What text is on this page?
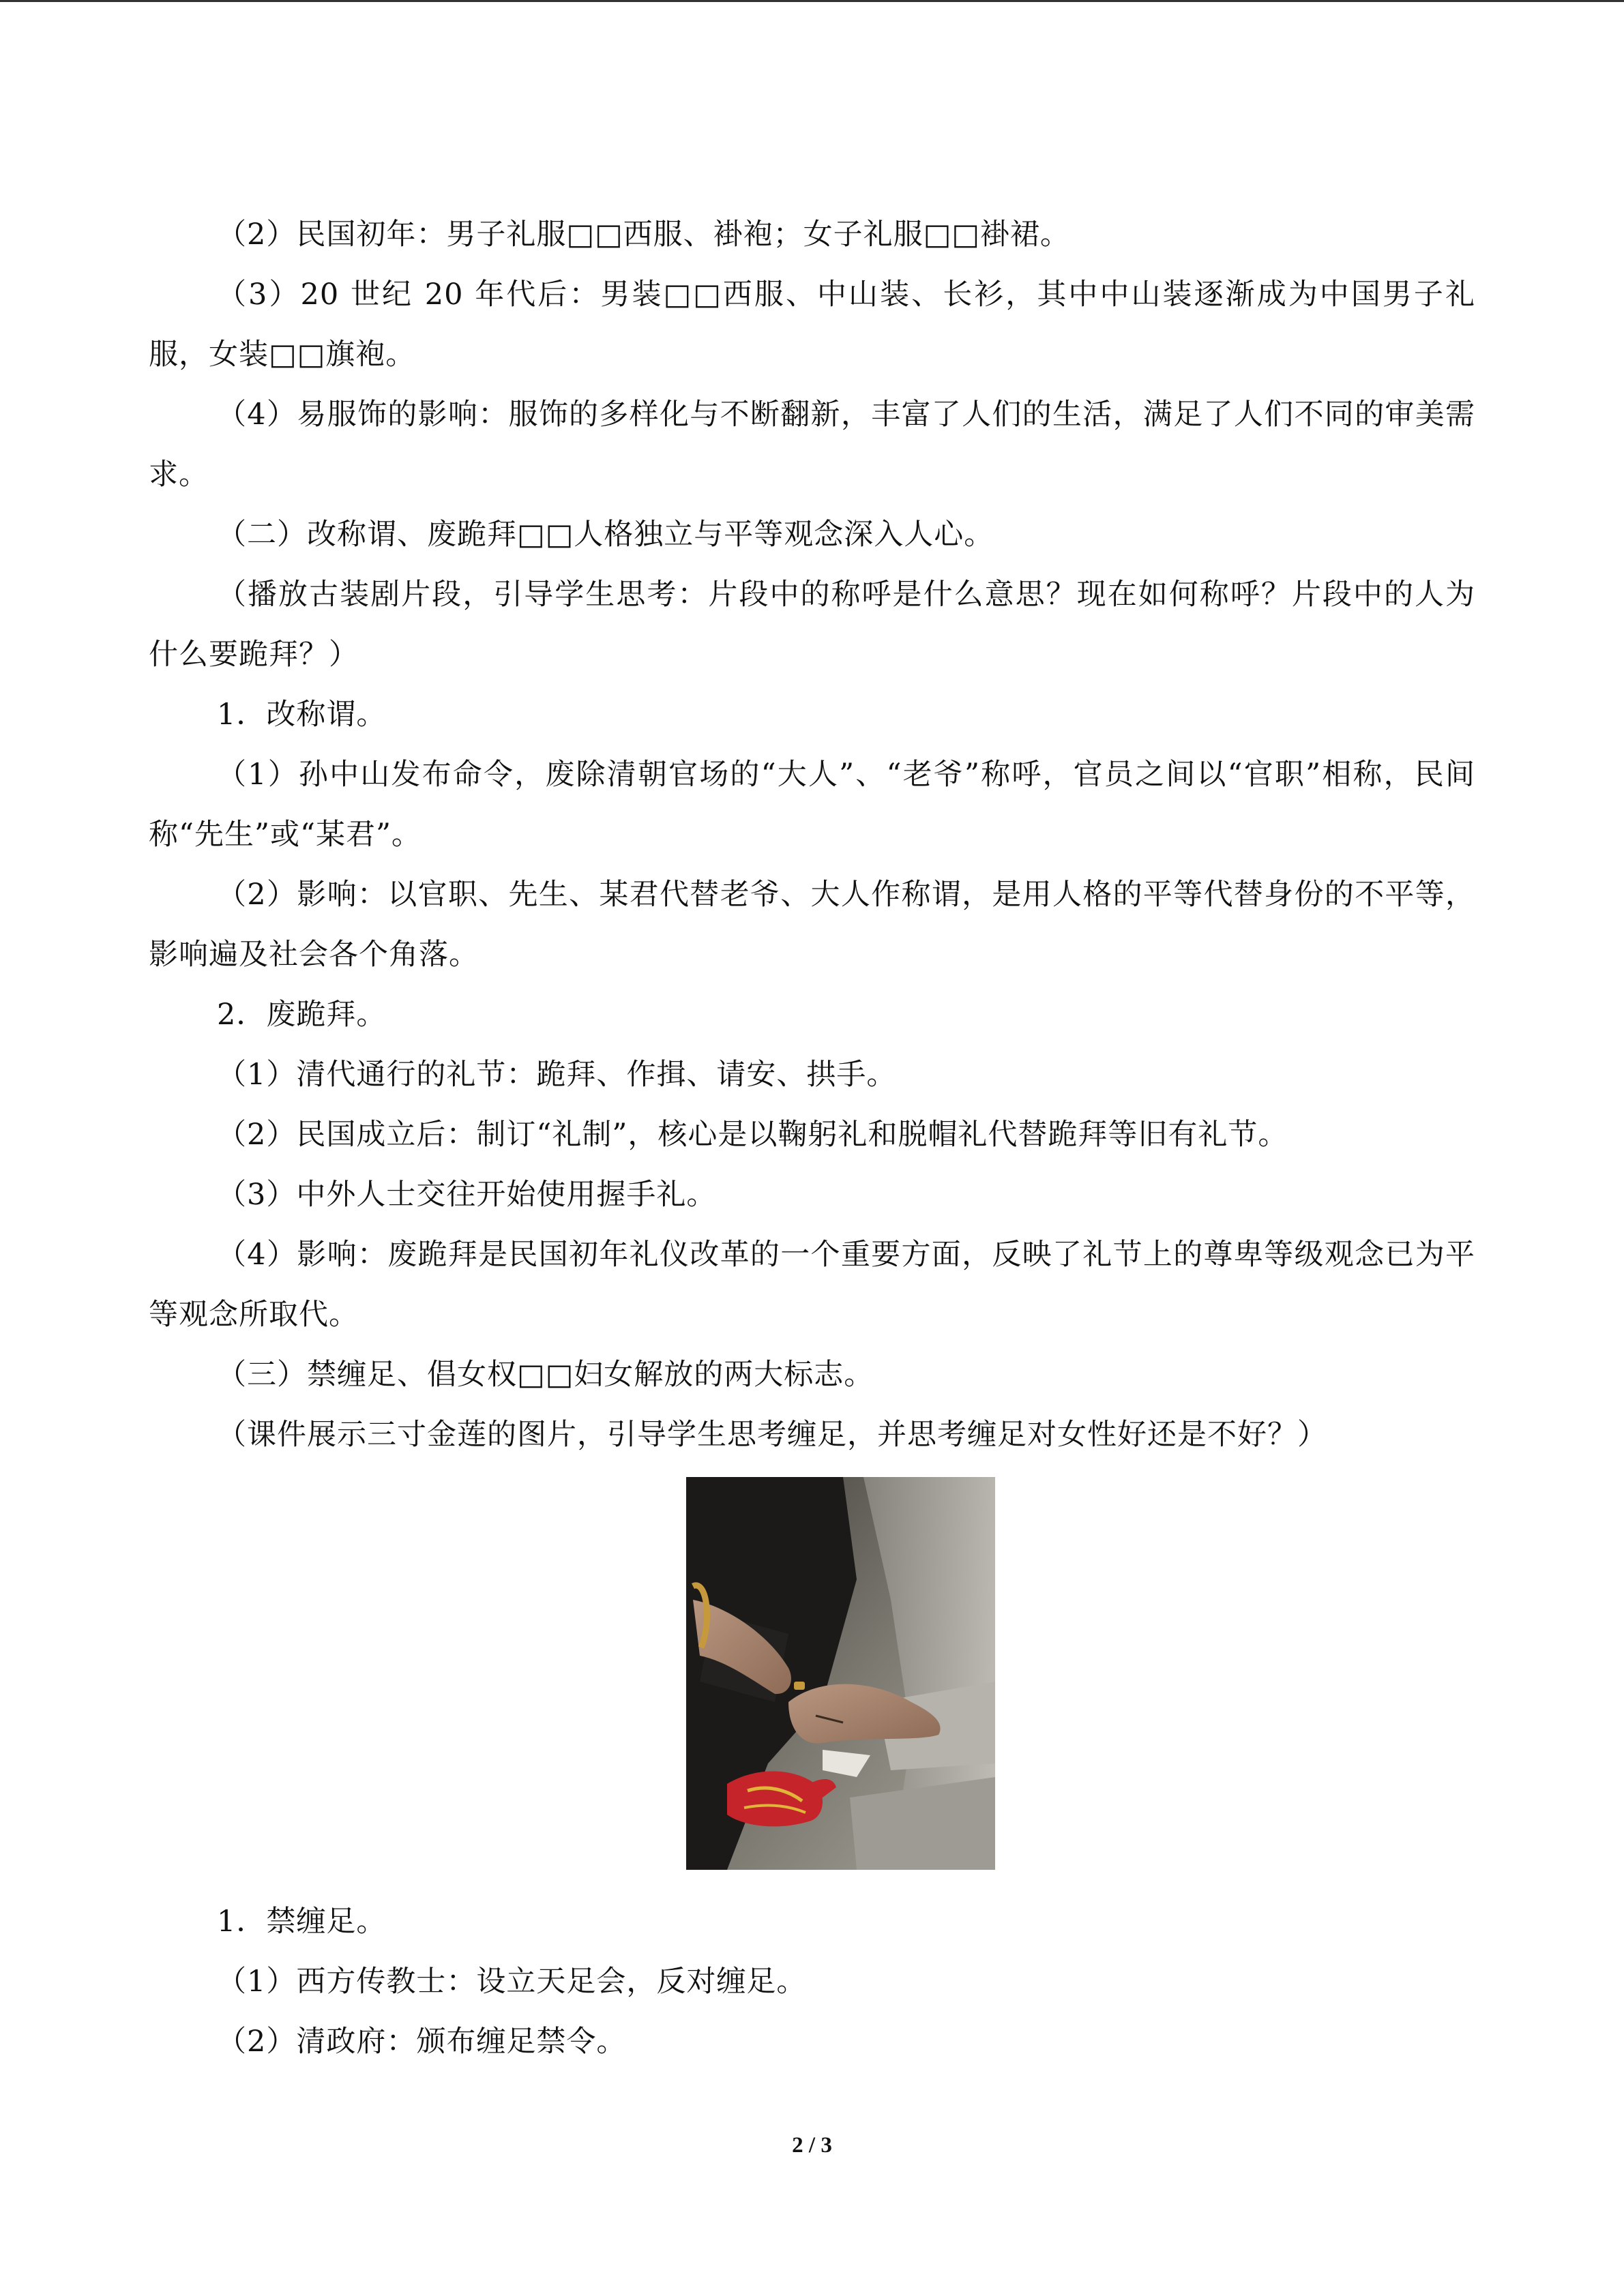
（2）民国初年：男子礼服□□西服、褂袍；女子礼服□□褂裙。

（3）20 世纪 20 年代后：男装□□西服、中山装、长衫，其中中山装逐渐成为中国男子礼服，女装□□旗袍。

（4）易服饰的影响：服饰的多样化与不断翻新，丰富了人们的生活，满足了人们不同的审美需求。

（二）改称谓、废跪拜□□人格独立与平等观念深入人心。

（播放古装剧片段，引导学生思考：片段中的称呼是什么意思？现在如何称呼？片段中的人为什么要跪拜？）

1．改称谓。

（1）孙中山发布命令，废除清朝官场的“大人”、“老爷”称呼，官员之间以“官职”相称，民间称“先生”或“某君”。

（2）影响：以官职、先生、某君代替老爷、大人作称谓，是用人格的平等代替身份的不平等，影响遍及社会各个角落。

2．废跪拜。

（1）清代通行的礼节：跪拜、作揖、请安、拱手。

（2）民国成立后：制订“礼制”，核心是以鞠躬礼和脱帽礼代替跪拜等旧有礼节。

（3）中外人士交往开始使用握手礼。

（4）影响：废跪拜是民国初年礼仪改革的一个重要方面，反映了礼节上的尊卑等级观念已为平等观念所取代。

（三）禁缠足、倡女权□□妇女解放的两大标志。

（课件展示三寸金莲的图片，引导学生思考缠足，并思考缠足对女性好还是不好？）

1．禁缠足。

（1）西方传教士：设立天足会，反对缠足。

（2）清政府：颁布缠足禁令。

2 / 3
